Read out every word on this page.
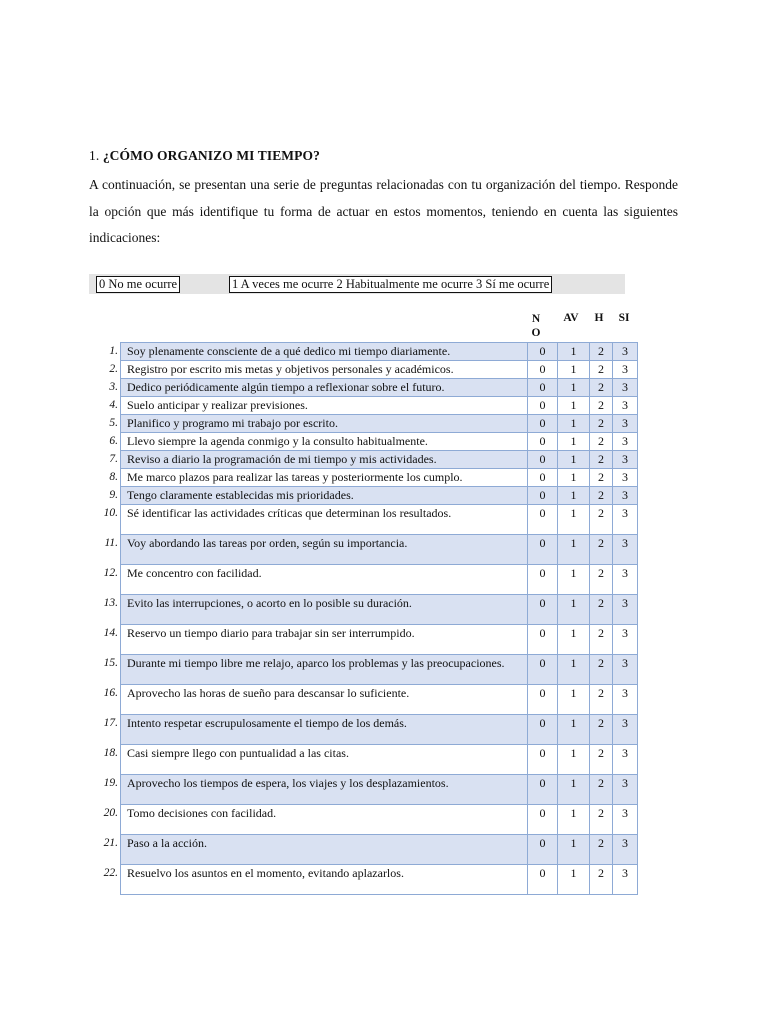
1. ¿CÓMO ORGANIZO MI TIEMPO?
A continuación, se presentan una serie de preguntas relacionadas con tu organización del tiempo. Responde la opción que más identifique tu forma de actuar en estos momentos, teniendo en cuenta las siguientes indicaciones:
0 No me ocurre	1 A veces me ocurre 2 Habitualmente me ocurre 3 Sí me ocurre
N
O
AV	H	SI
1.	Soy plenamente consciente de a qué dedico mi tiempo diariamente.	0	1	2	3
2.	Registro por escrito mis metas y objetivos personales y académicos.	0	1	2	3
3.	Dedico periódicamente algún tiempo a reflexionar sobre el futuro.	0	1	2	3
4.	Suelo anticipar y realizar previsiones.	0	1	2	3
5.	Planifico y programo mi trabajo por escrito.	0	1	2	3
6.	Llevo siempre la agenda conmigo y la consulto habitualmente.	0	1	2	3
7.	Reviso a diario la programación de mi tiempo y mis actividades.	0	1	2	3
8.	Me marco plazos para realizar las tareas y posteriormente los cumplo.	0	1	2	3
9.	Tengo claramente establecidas mis prioridades.	0	1	2	3
10.	Sé identificar las actividades críticas que determinan los resultados.	0	1	2	3
11.	Voy abordando las tareas por orden, según su importancia.	0	1	2	3
12.	Me concentro con facilidad.	0	1	2	3
13.	Evito las interrupciones, o acorto en lo posible su duración.	0	1	2	3
14.	Reservo un tiempo diario para trabajar sin ser interrumpido.	0	1	2	3
15.	Durante mi tiempo libre me relajo, aparco los problemas y las preocupaciones.	0	1	2	3
16.	Aprovecho las horas de sueño para descansar lo suficiente.	0	1	2	3
17.	Intento respetar escrupulosamente el tiempo de los demás.	0	1	2	3
18.	Casi siempre llego con puntualidad a las citas.	0	1	2	3
19.	Aprovecho los tiempos de espera, los viajes y los desplazamientos.	0	1	2	3
20.	Tomo decisiones con facilidad.	0	1	2	3
21.	Paso a la acción.	0	1	2	3
22.	Resuelvo los asuntos en el momento, evitando aplazarlos.	0	1	2	3
